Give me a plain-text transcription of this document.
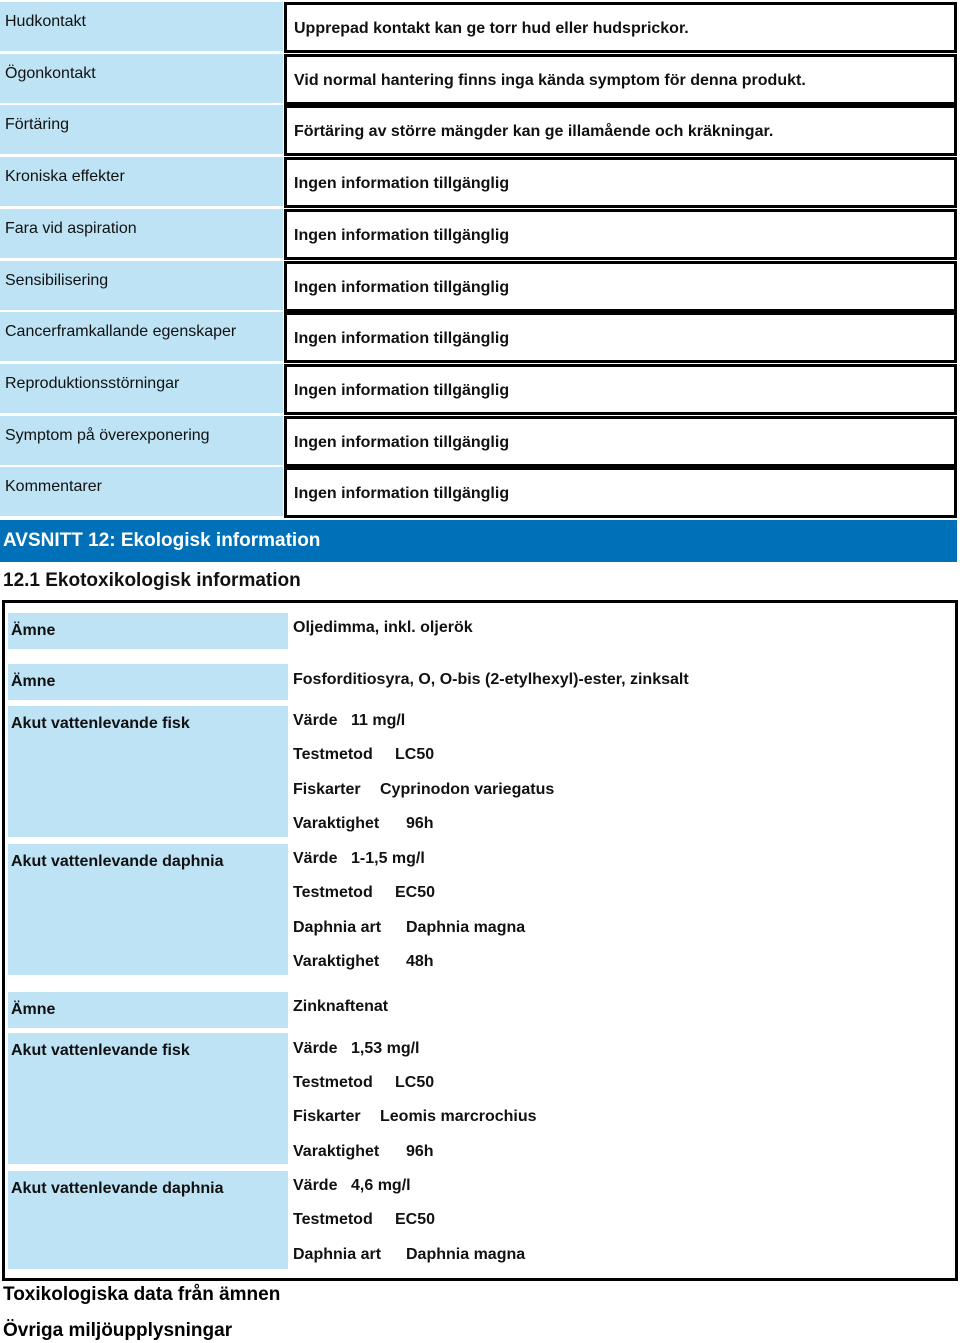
Hudkontakt	Upprepad kontakt kan ge torr hud eller hudsprickor.
Ögonkontakt	Vid normal hantering finns inga kända symptom för denna produkt.
Förtäring	Förtäring av större mängder kan ge illamående och kräkningar.
Kroniska effekter	Ingen information tillgänglig
Fara vid aspiration	Ingen information tillgänglig
Sensibilisering	Ingen information tillgänglig
Cancerframkallande egenskaper	Ingen information tillgänglig
Reproduktionsstörningar	Ingen information tillgänglig
Symptom på överexponering	Ingen information tillgänglig
Kommentarer	Ingen information tillgänglig
AVSNITT 12: Ekologisk information
12.1 Ekotoxikologisk information
Ämne	Oljedimma, inkl. oljerök
Ämne	Fosforditiosyra, O, O-bis (2-etylhexyl)-ester, zinksalt
Akut vattenlevande fisk	Värde 11 mg/l
Testmetod LC50
Fiskarter Cyprinodon variegatus
Varaktighet 96h
Akut vattenlevande daphnia	Värde 1-1,5 mg/l
Testmetod EC50
Daphnia art Daphnia magna
Varaktighet 48h
Ämne	Zinknaftenat
Akut vattenlevande fisk	Värde 1,53 mg/l
Testmetod LC50
Fiskarter Leomis marcrochius
Varaktighet 96h
Akut vattenlevande daphnia	Värde 4,6 mg/l
Testmetod EC50
Daphnia art Daphnia magna
Toxikologiska data från ämnen
Övriga miljöupplysningar
